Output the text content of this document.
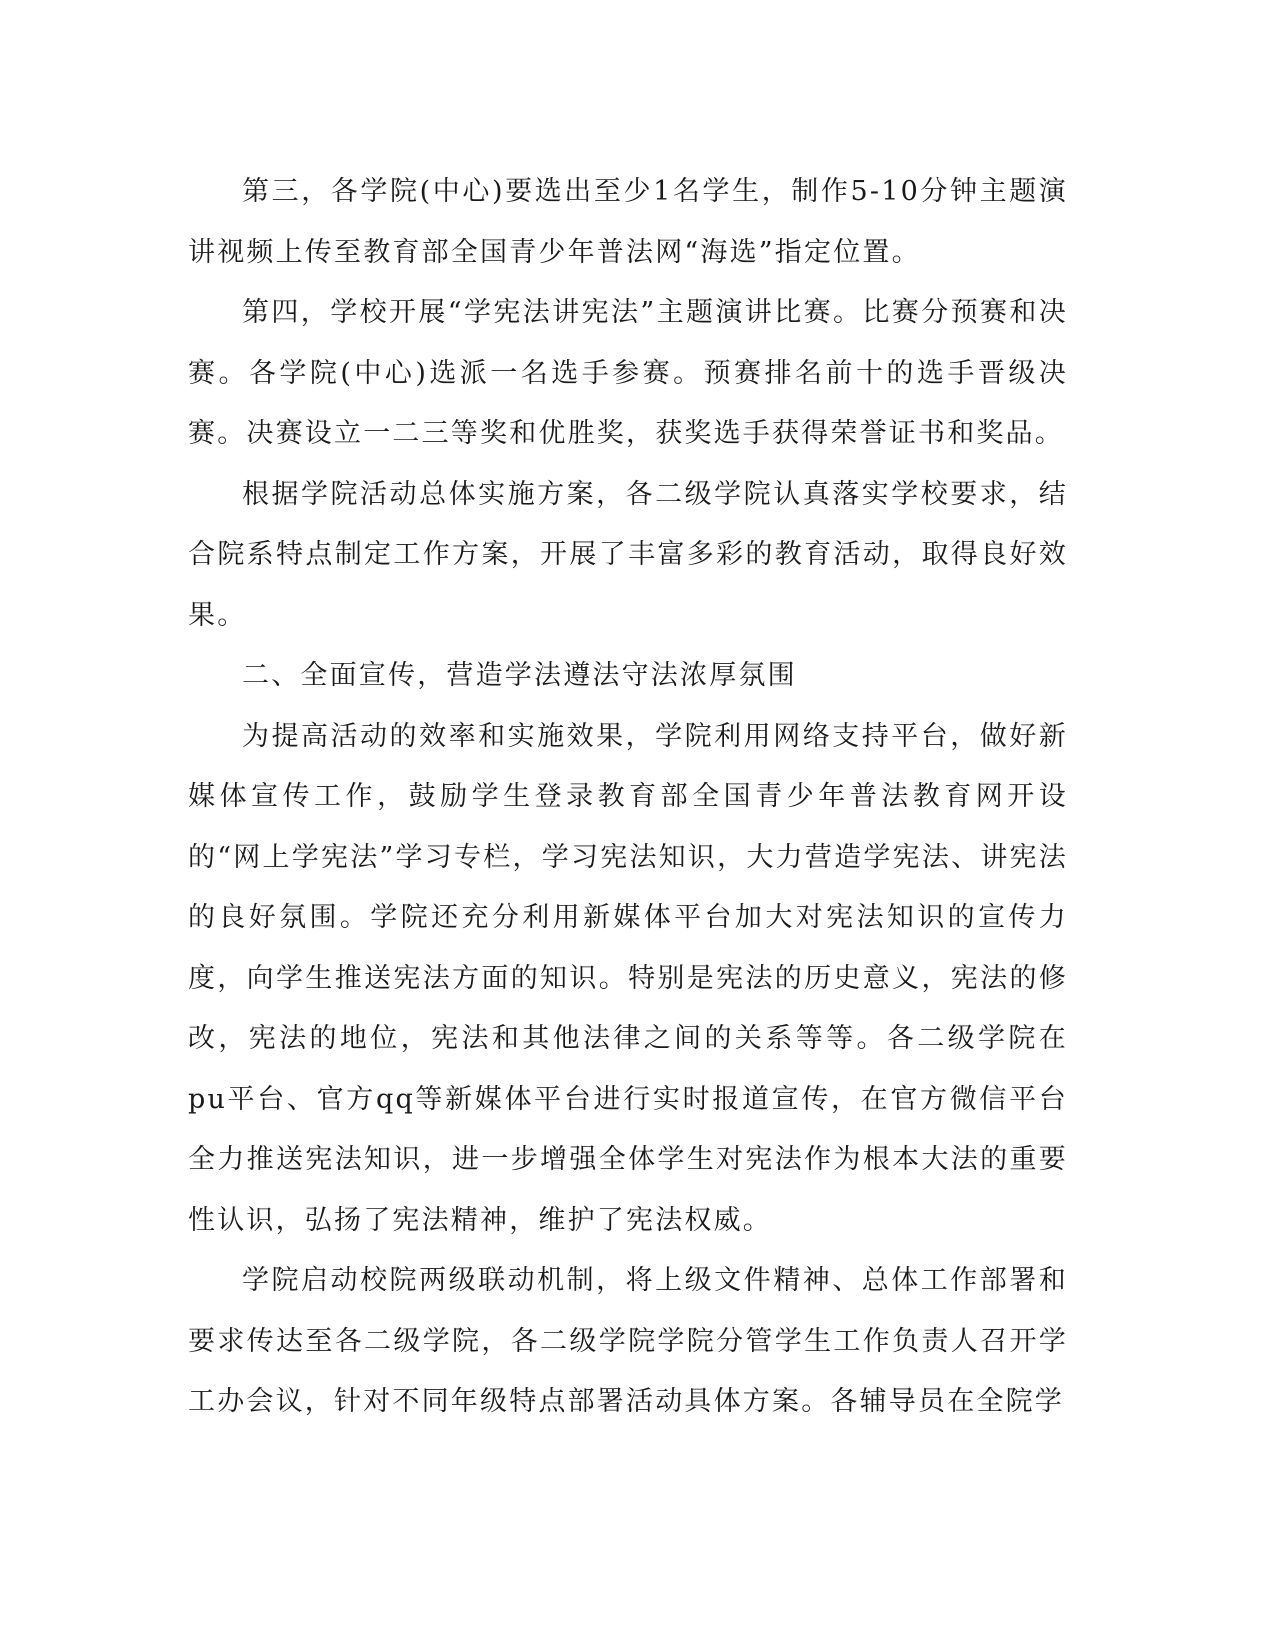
第三，各学院(中心)要选出至少1名学生，制作5-10分钟主题演讲视频上传至教育部全国青少年普法网“海选”指定位置。

第四，学校开展“学宪法讲宪法”主题演讲比赛。比赛分预赛和决赛。各学院(中心)选派一名选手参赛。预赛排名前十的选手晋级决赛。决赛设立一二三等奖和优胜奖，获奖选手获得荣誉证书和奖品。

根据学院活动总体实施方案，各二级学院认真落实学校要求，结合院系特点制定工作方案，开展了丰富多彩的教育活动，取得良好效果。

二、全面宣传，营造学法遵法守法浓厚氛围

为提高活动的效率和实施效果，学院利用网络支持平台，做好新媒体宣传工作，鼓励学生登录教育部全国青少年普法教育网开设的“网上学宪法”学习专栏，学习宪法知识，大力营造学宪法、讲宪法的良好氛围。学院还充分利用新媒体平台加大对宪法知识的宣传力度，向学生推送宪法方面的知识。特别是宪法的历史意义，宪法的修改，宪法的地位，宪法和其他法律之间的关系等等。各二级学院在pu平台、官方qq等新媒体平台进行实时报道宣传，在官方微信平台全力推送宪法知识，进一步增强全体学生对宪法作为根本大法的重要性认识，弘扬了宪法精神，维护了宪法权威。

学院启动校院两级联动机制，将上级文件精神、总体工作部署和要求传达至各二级学院，各二级学院学院分管学生工作负责人召开学工办会议，针对不同年级特点部署活动具体方案。各辅导员在全院学
